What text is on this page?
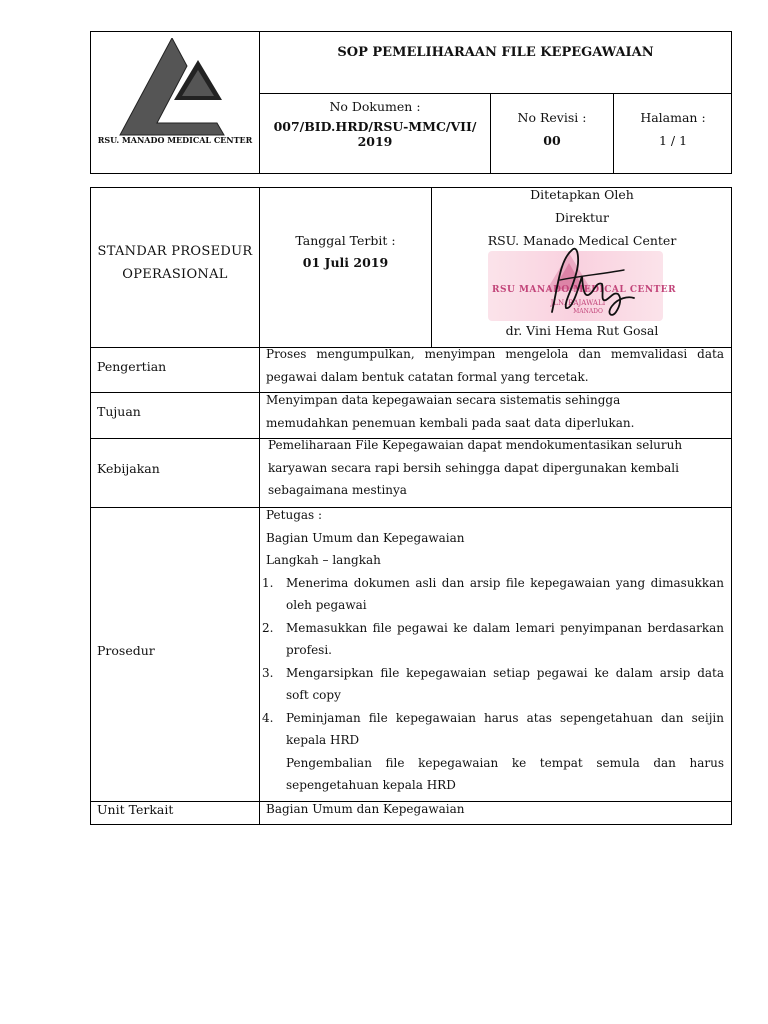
RSU. MANADO MEDICAL CENTER
SOP PEMELIHARAAN FILE KEPEGAWAIAN
No Dokumen :
007/BID.HRD/RSU-MMC/VII/ 2019
No Revisi :
00
Halaman :
1 / 1
STANDAR PROSEDUR
OPERASIONAL
Tanggal Terbit :
01 Juli 2019
Ditetapkan Oleh
Direktur
RSU. Manado Medical Center
RSU MANADO MEDICAL CENTER
JLN. RAJAWALI
MANADO
dr. Vini Hema Rut Gosal
Pengertian
Proses mengumpulkan, menyimpan mengelola dan memvalidasi data pegawai dalam bentuk catatan formal yang tercetak.
Tujuan
Menyimpan data kepegawaian secara sistematis sehingga memudahkan penemuan kembali pada saat data diperlukan.
Kebijakan
Pemeliharaan File Kepegawaian dapat mendokumentasikan seluruh karyawan secara rapi bersih sehingga dapat dipergunakan kembali sebagaimana mestinya
Prosedur
Petugas :
Bagian Umum dan Kepegawaian
Langkah – langkah
1. Menerima dokumen asli dan arsip file kepegawaian yang dimasukkan oleh pegawai
2. Memasukkan file pegawai ke dalam lemari penyimpanan berdasarkan profesi.
3. Mengarsipkan file kepegawaian setiap pegawai ke dalam arsip data soft copy
4. Peminjaman file kepegawaian harus atas sepengetahuan dan seijin kepala HRD
Pengembalian file kepegawaian ke tempat semula dan harus sepengetahuan kepala HRD
Unit Terkait	Bagian Umum dan Kepegawaian
